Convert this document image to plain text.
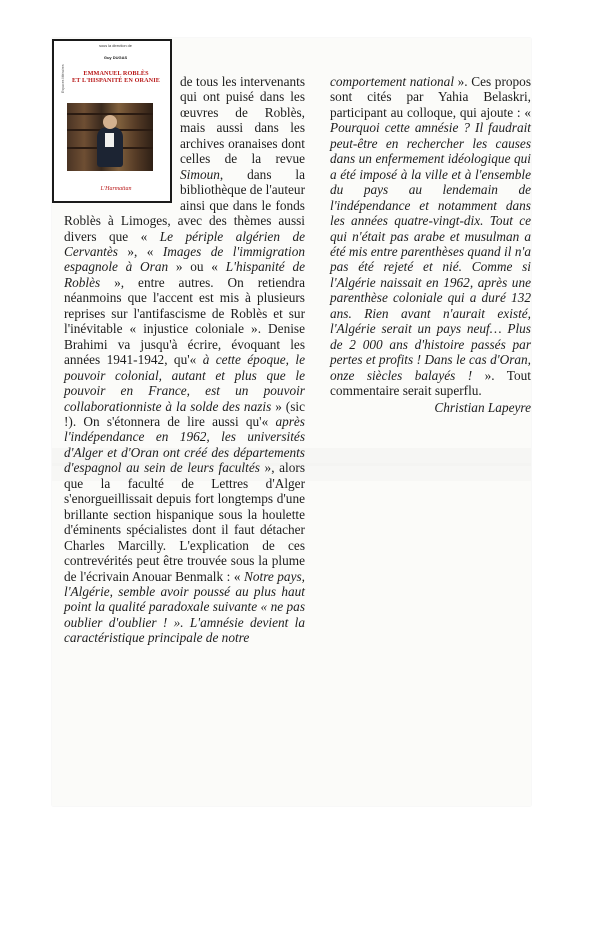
Espaces littéraires
sous la direction de
Guy DUGAS
EMMANUEL ROBLÈS
ET L'HISPANITÉ EN ORANIE
L'Harmattan

de tous les intervenants qui ont puisé dans les œuvres de Roblès, mais aussi dans les archives oranaises dont celles de la revue Simoun, dans la bibliothèque de l'auteur ainsi que dans le fonds Roblès à Limoges, avec des thèmes aussi divers que « Le périple algérien de Cervantès », « Images de l'immigration espagnole à Oran » ou « L'hispanité de Roblès », entre autres. On retiendra néanmoins que l'accent est mis à plusieurs reprises sur l'antifascisme de Roblès et sur l'inévitable « injustice coloniale ». Denise Brahimi va jusqu'à écrire, évoquant les années 1941-1942, qu'« à cette époque, le pouvoir colonial, autant et plus que le pouvoir en France, est un pouvoir collaborationniste à la solde des nazis » (sic !). On s'étonnera de lire aussi qu'« après l'indépendance en 1962, les universités d'Alger et d'Oran ont créé des départements d'espagnol au sein de leurs facultés », alors que la faculté de Lettres d'Alger s'enorgueillissait depuis fort longtemps d'une brillante section hispanique sous la houlette d'éminents spécialistes dont il faut détacher Charles Marcilly. L'explication de ces contrevérités peut être trouvée sous la plume de l'écrivain Anouar Benmalk : « Notre pays, l'Algérie, semble avoir poussé au plus haut point la qualité paradoxale suivante « ne pas oublier d'oublier ! ». L'amnésie devient la caractéristique principale de notre

comportement national ». Ces propos sont cités par Yahia Belaskri, participant au colloque, qui ajoute : « Pourquoi cette amnésie ? Il faudrait peut-être en rechercher les causes dans un enfermement idéologique qui a été imposé à la ville et à l'ensemble du pays au lendemain de l'indépendance et notamment dans les années quatre-vingt-dix. Tout ce qui n'était pas arabe et musulman a été mis entre parenthèses quand il n'a pas été rejeté et nié. Comme si l'Algérie naissait en 1962, après une parenthèse coloniale qui a duré 132 ans. Rien avant n'aurait existé, l'Algérie serait un pays neuf… Plus de 2 000 ans d'histoire passés par pertes et profits ! Dans le cas d'Oran, onze siècles balayés ! ». Tout commentaire serait superflu.

Christian Lapeyre
